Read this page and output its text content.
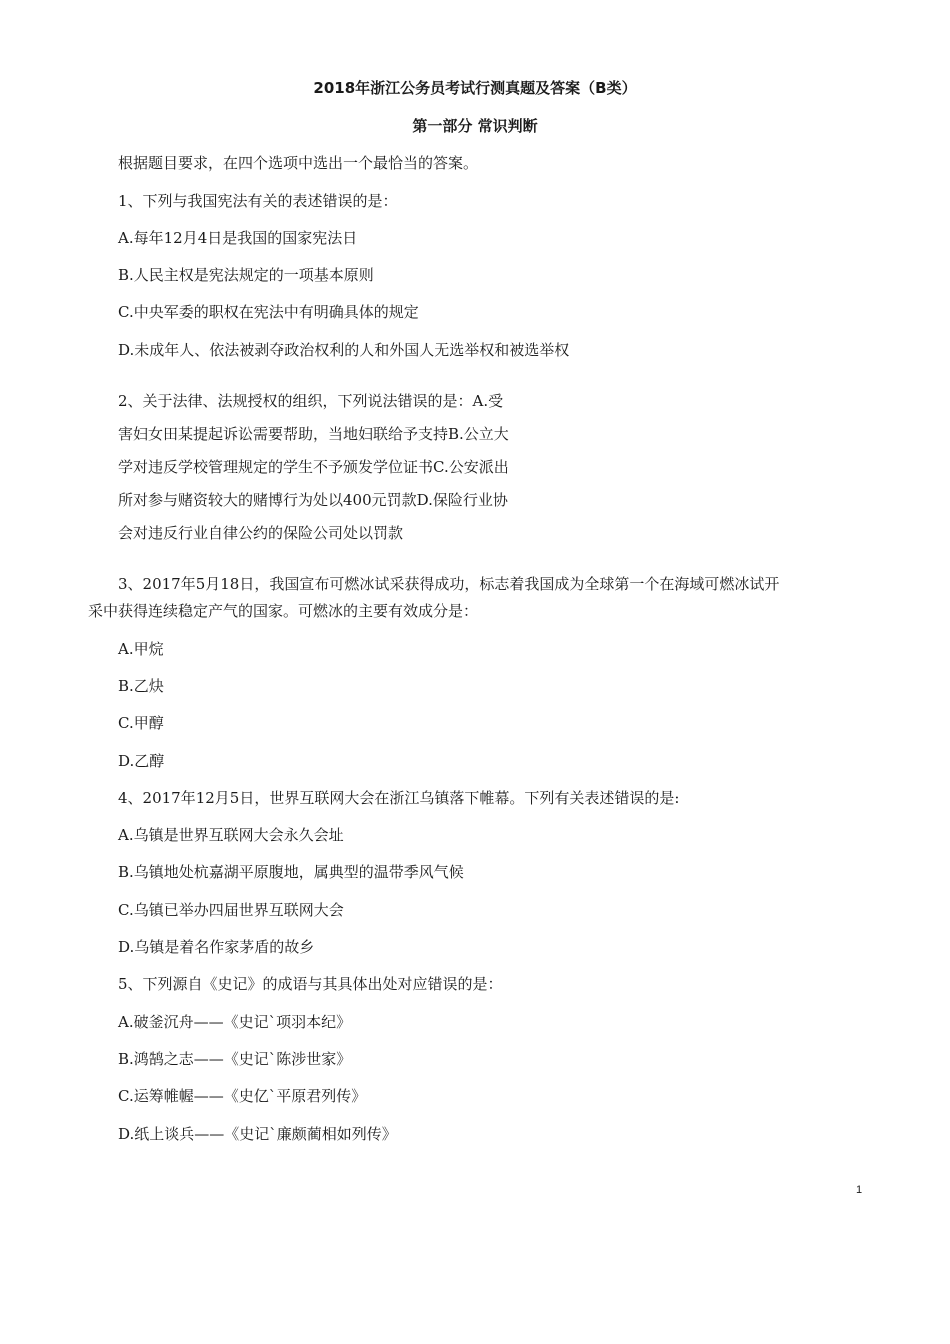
2018年浙江公务员考试行测真题及答案（B类）
第一部分 常识判断
根据题目要求，在四个选项中选出一个最恰当的答案。
1、下列与我国宪法有关的表述错误的是：
A.每年12月4日是我国的国家宪法日
B.人民主权是宪法规定的一项基本原则
C.中央军委的职权在宪法中有明确具体的规定
D.未成年人、依法被剥夺政治权利的人和外国人无选举权和被选举权
2、关于法律、法规授权的组织，下列说法错误的是：A.受
害妇女田某提起诉讼需要帮助，当地妇联给予支持B.公立大
学对违反学校管理规定的学生不予颁发学位证书C.公安派出
所对参与赌资较大的赌博行为处以400元罚款D.保险行业协
会对违反行业自律公约的保险公司处以罚款
3、2017年5月18日，我国宣布可燃冰试采获得成功，标志着我国成为全球第一个在海域可燃冰试开
采中获得连续稳定产气的国家。可燃冰的主要有效成分是：
A.甲烷
B.乙炔
C.甲醇
D.乙醇
4、2017年12月5日，世界互联网大会在浙江乌镇落下帷幕。下列有关表述错误的是:
A.乌镇是世界互联网大会永久会址
B.乌镇地处杭嘉湖平原腹地，属典型的温带季风气候
C.乌镇已举办四届世界互联网大会
D.乌镇是着名作家茅盾的故乡
5、下列源自《史记》的成语与其具体出处对应错误的是：
A.破釜沉舟——《史记`项羽本纪》
B.鸿鹄之志——《史记`陈涉世家》
C.运筹帷幄——《史亿`平原君列传》
D.纸上谈兵——《史记`廉颇蔺相如列传》
1
